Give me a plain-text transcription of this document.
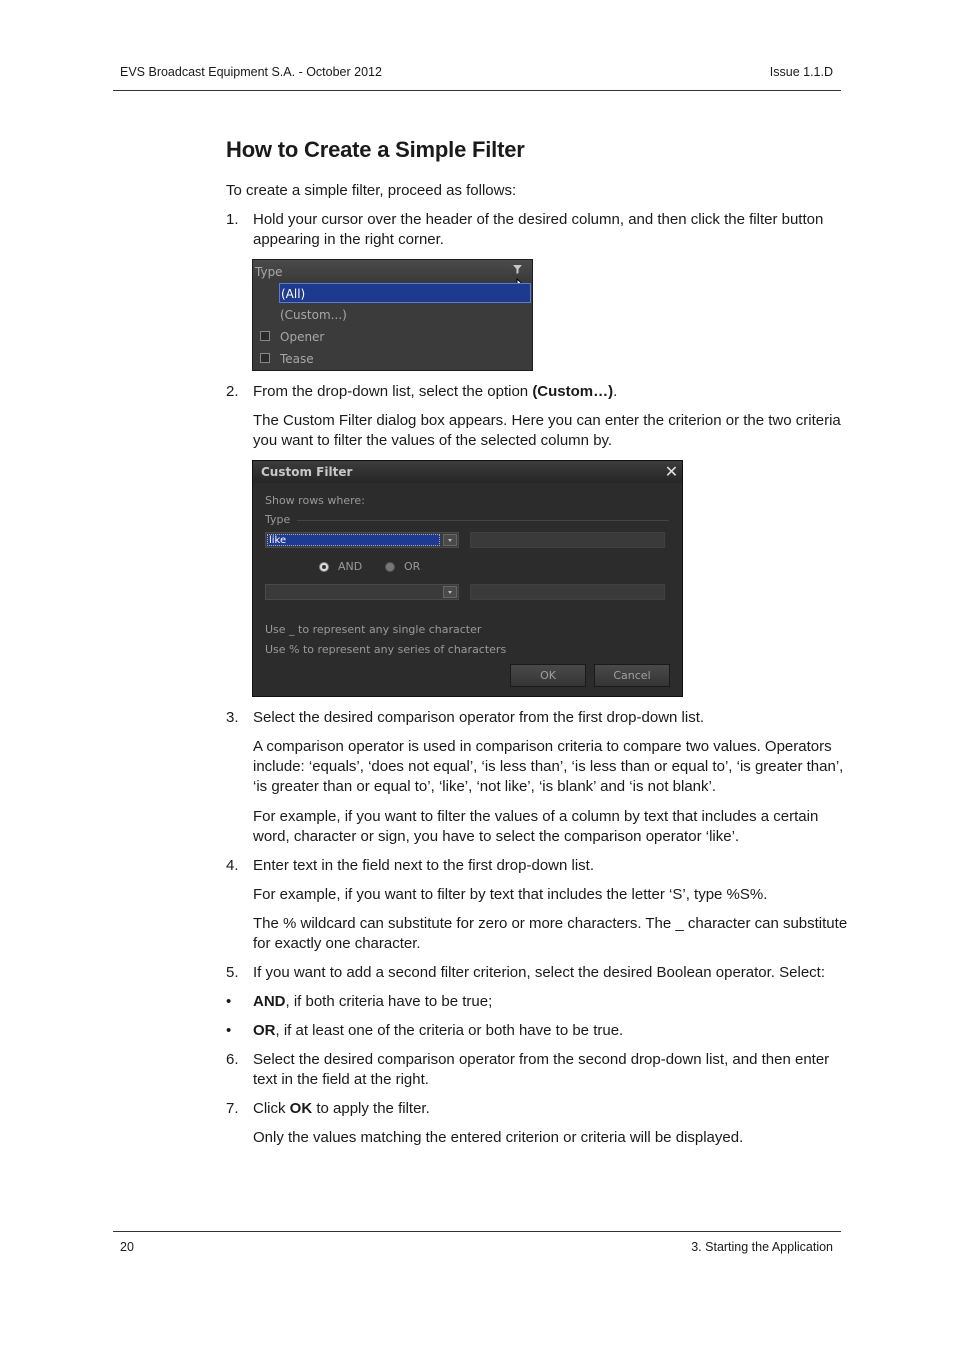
EVS Broadcast Equipment S.A. - October 2012	Issue 1.1.D
How to Create a Simple Filter
To create a simple filter, proceed as follows:
1. Hold your cursor over the header of the desired column, and then click the filter button appearing in the right corner.
Type
(All)
(Custom...)
Opener
Tease
2. From the drop-down list, select the option (Custom…).
The Custom Filter dialog box appears. Here you can enter the criterion or the two criteria you want to filter the values of the selected column by.
Custom Filter	✕
Show rows where:
Type
like
AND	OR
Use _ to represent any single character
Use % to represent any series of characters
OK	Cancel
3. Select the desired comparison operator from the first drop-down list.
A comparison operator is used in comparison criteria to compare two values. Operators include: ‘equals’, ‘does not equal’, ‘is less than’, ‘is less than or equal to’, ‘is greater than’, ‘is greater than or equal to’, ‘like’, ‘not like’, ‘is blank’ and ‘is not blank’.
For example, if you want to filter the values of a column by text that includes a certain word, character or sign, you have to select the comparison operator ‘like’.
4. Enter text in the field next to the first drop-down list.
For example, if you want to filter by text that includes the letter ‘S’, type %S%.
The % wildcard can substitute for zero or more characters. The _ character can substitute for exactly one character.
5. If you want to add a second filter criterion, select the desired Boolean operator. Select:
• AND, if both criteria have to be true;
• OR, if at least one of the criteria or both have to be true.
6. Select the desired comparison operator from the second drop-down list, and then enter text in the field at the right.
7. Click OK to apply the filter.
Only the values matching the entered criterion or criteria will be displayed.
20	3. Starting the Application
